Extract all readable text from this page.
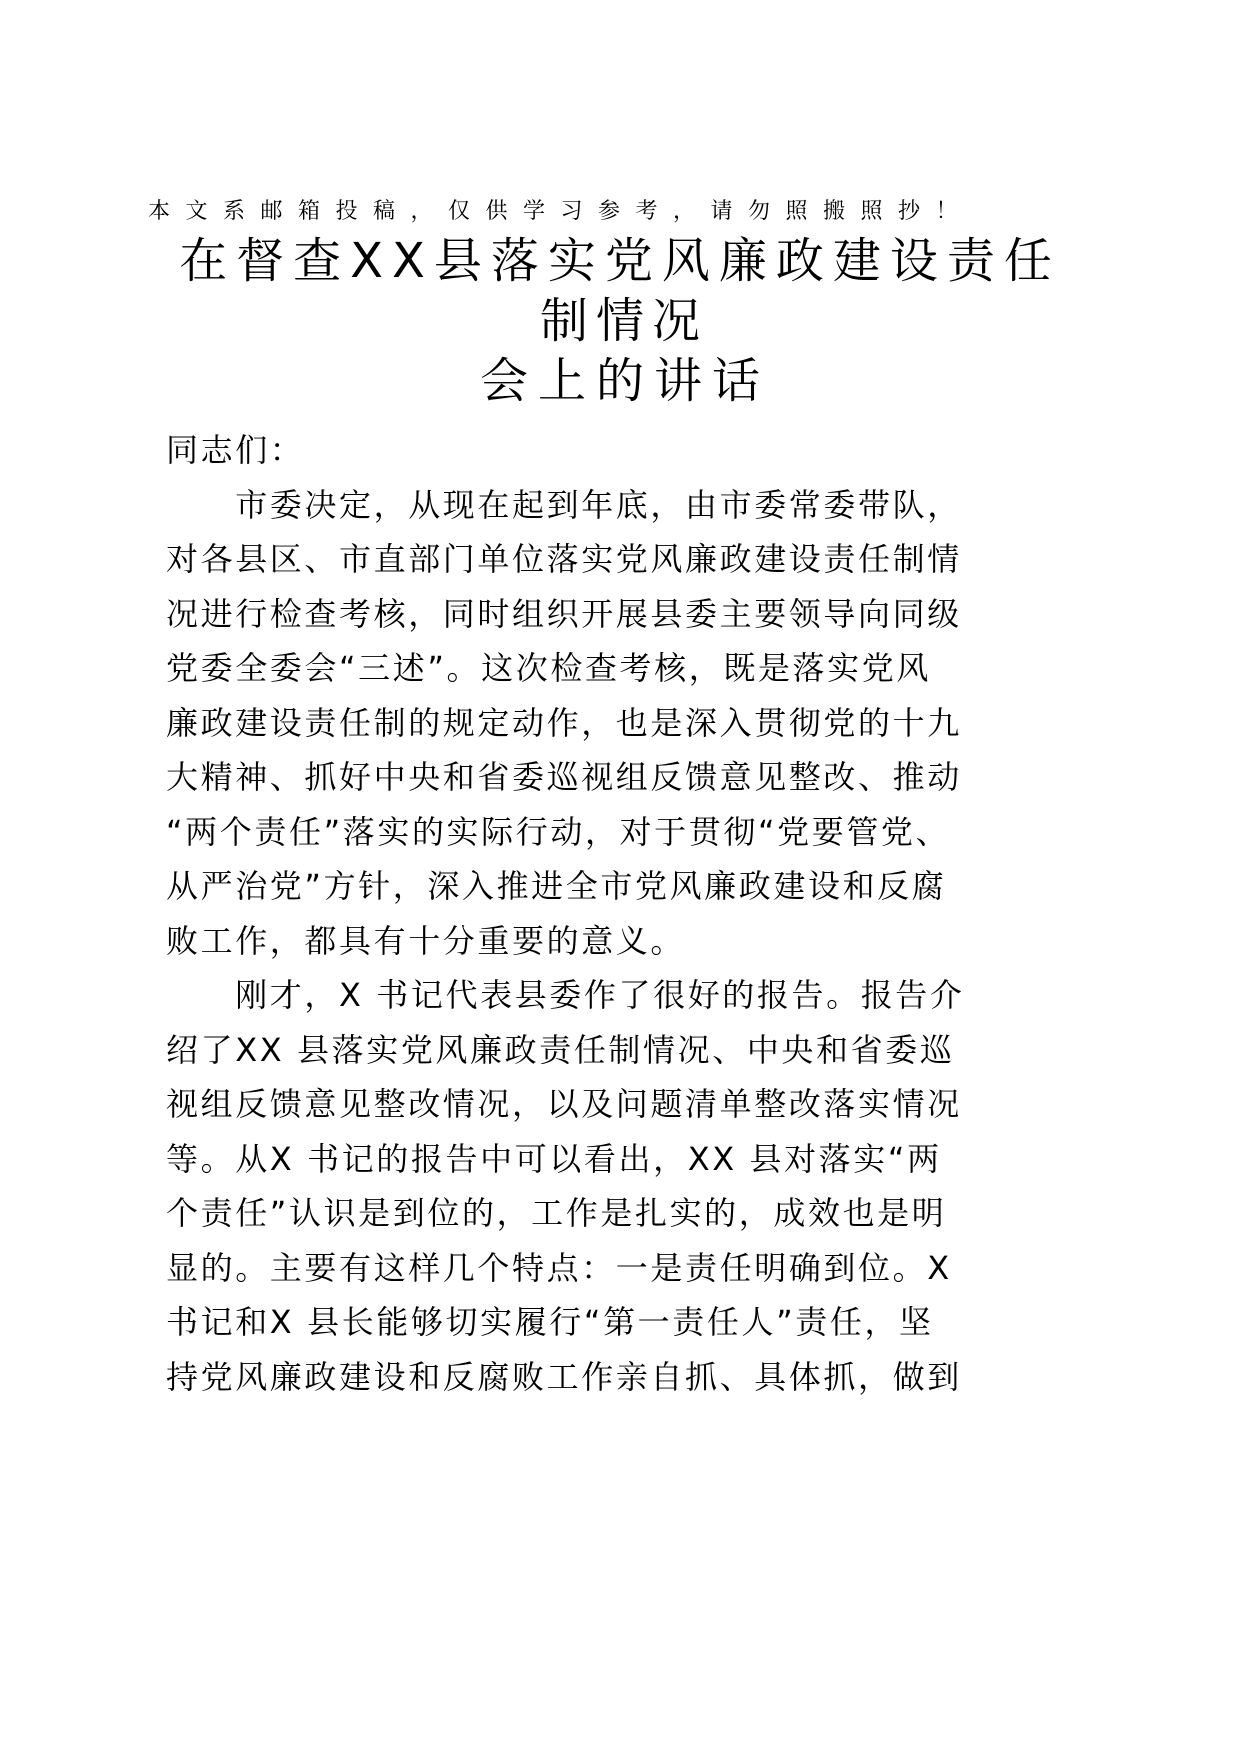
本文系邮箱投稿，仅供学习参考，请勿照搬照抄！
在督查XX县落实党风廉政建设责任
制情况
会上的讲话
同志们：
　　市委决定，从现在起到年底，由市委常委带队，
对各县区、市直部门单位落实党风廉政建设责任制情
况进行检查考核，同时组织开展县委主要领导向同级
党委全委会“三述”。这次检查考核，既是落实党风
廉政建设责任制的规定动作，也是深入贯彻党的十九
大精神、抓好中央和省委巡视组反馈意见整改、推动
“两个责任”落实的实际行动，对于贯彻“党要管党、
从严治党”方针，深入推进全市党风廉政建设和反腐
败工作，都具有十分重要的意义。
　　刚才，X 书记代表县委作了很好的报告。报告介
绍了XX 县落实党风廉政责任制情况、中央和省委巡
视组反馈意见整改情况，以及问题清单整改落实情况
等。从X 书记的报告中可以看出，XX 县对落实“两
个责任”认识是到位的，工作是扎实的，成效也是明
显的。主要有这样几个特点：一是责任明确到位。X
书记和X 县长能够切实履行“第一责任人”责任，坚
持党风廉政建设和反腐败工作亲自抓、具体抓，做到
